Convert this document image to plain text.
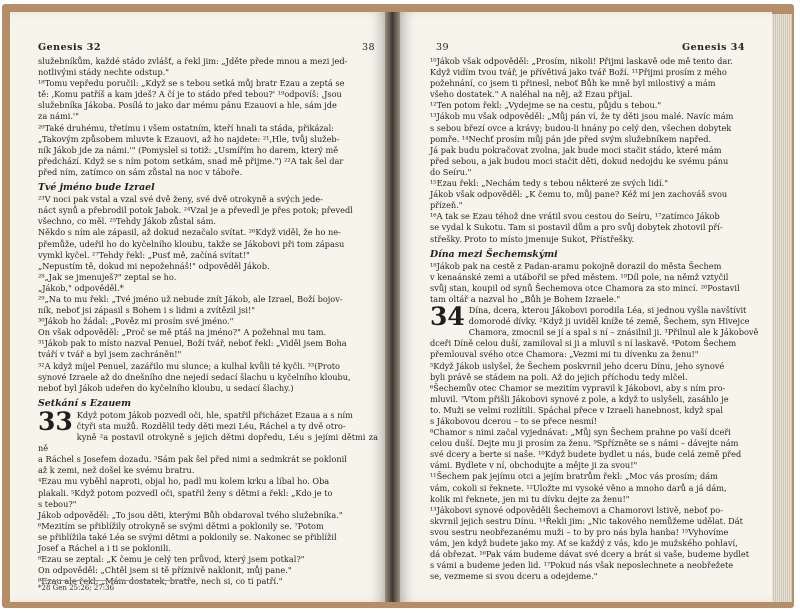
Genesis 32	38

služebníkům, každé stádo zvlášť, a řekl jim: „Jděte přede mnou a mezi jed-

notlivými stády nechte odstup."

¹⁸Tomu vepředu poručil: „Když se s tebou setká můj bratr Ezau a zeptá se

tě: ‚Komu patříš a kam jdeš? A čí je to stádo před tebou?' ¹⁹odpovíš: ‚Jsou

služebníka Jákoba. Posílá to jako dar mému pánu Ezauovi a hle, sám jde

za námi.'"

²⁰Také druhému, třetímu i všem ostatním, kteří hnali ta stáda, přikázal:

„Takovým způsobem mluvte k Ezauovi, až ho najdete: ²¹‚Hle, tvůj služeb-

ník Jákob jde za námi.'" (Pomyslel si totiž: „Usmířím ho darem, který mě

předchází. Když se s ním potom setkám, snad mě přijme.") ²²A tak šel dar

před ním, zatímco on sám zůstal na noc v táboře.

Tvé jméno bude Izrael

²³V noci pak vstal a vzal své dvě ženy, své dvě otrokyně a svých jede-

náct synů a přebrodil potok Jabok. ²⁴Vzal je a převedl je přes potok; převedl

všechno, co měl. ²⁵Tehdy Jákob zůstal sám.

Někdo s ním ale zápasil, až dokud nezačalo svítat. ²⁶Když viděl, že ho ne-

přemůže, udeřil ho do kyčelního kloubu, takže se Jákobovi při tom zápasu

vymkl kyčel. ²⁷Tehdy řekl: „Pusť mě, začíná svítat!"

„Nepustím tě, dokud mi nepožehnáš!" odpověděl Jákob.

²⁸„Jak se jmenuješ?" zeptal se ho.

„Jákob," odpověděl.*

²⁹„Na to mu řekl: „Tvé jméno už nebude znít Jákob, ale Izrael, Boží bojov-

ník, neboť jsi zápasil s Bohem i s lidmi a zvítězil jsi!"

³⁰Jákob ho žádal: „Pověz mi prosím své jméno."

On však odpověděl: „Proč se mě ptáš na jméno?" A požehnal mu tam.

³¹Jákob pak to místo nazval Penuel, Boží tvář, neboť řekl: „Viděl jsem Boha

tváří v tvář a byl jsem zachráněn!"

³²A když míjel Penuel, zazářilo mu slunce; a kulhal kvůli té kyčli. ³³(Proto

synové Izraele až do dnešního dne nejedí sedací šlachu u kyčelního kloubu,

neboť byl Jákob udeřen do kyčelního kloubu, u sedací šlachy.)

Setkání s Ezauem

33 Když potom Jákob pozvedl oči, hle, spatřil přicházet Ezaua a s ním

čtyři sta mužů. Rozdělil tedy děti mezi Léu, Ráchel a ty dvě otro-

kyně ²a postavil otrokyně s jejich dětmi dopředu, Léu s jejími dětmi za ně

a Ráchel s Josefem dozadu. ³Sám pak šel před nimi a sedmkrát se poklonil

až k zemi, než došel ke svému bratru.

⁴Ezau mu vyběhl naproti, objal ho, padl mu kolem krku a líbal ho. Oba

plakali. ⁵Když potom pozvedl oči, spatřil ženy s dětmi a řekl: „Kdo je to

s tebou?"

Jákob odpověděl: „To jsou děti, kterými Bůh obdaroval tvého služebníka."

⁶Mezitím se přiblížily otrokyně se svými dětmi a poklonily se. ⁷Potom

se přiblížila také Léa se svými dětmi a poklonily se. Nakonec se přiblížil

Josef a Ráchel a i ti se poklonili.

⁸Ezau se zeptal: „K čemu je celý ten průvod, který jsem potkal?"

On odpověděl: „Chtěl jsem si tě příznivě naklonit, můj pane."

⁹Ezau ale řekl: „Mám dostatek, bratře, nech si, co ti patří."

*28 Gen 25:26; 27:36
39	Genesis 34

¹⁰Jákob však odpověděl: „Prosím, nikoli! Přijmi laskavě ode mě tento dar.

Když vidím tvou tvář, je přívětivá jako tvář Boží. ¹¹Přijmi prosím z mého

požehnání, co jsem ti přinesl, neboť Bůh ke mně byl milostivý a mám

všeho dostatek." A naléhal na něj, až Ezau přijal.

¹²Ten potom řekl: „Vydejme se na cestu, půjdu s tebou."

¹³Jákob mu však odpověděl: „Můj pán ví, že ty děti jsou malé. Navíc mám

s sebou březí ovce a krávy; budou-li hnány po celý den, všechen dobytek

pomře. ¹⁴Nechť prosím můj pán jde před svým služebníkem napřed.

Já pak budu pokračovat zvolna, jak bude moci stačit stádo, které mám

před sebou, a jak budou moci stačit děti, dokud nedojdu ke svému pánu

do Seíru."

¹⁵Ezau řekl: „Nechám tedy s tebou některé ze svých lidí."

Jákob však odpověděl: „K čemu to, můj pane? Kéž mi jen zachováš svou

přízeň."

¹⁶A tak se Ezau téhož dne vrátil svou cestou do Seíru, ¹⁷zatímco Jákob

se vydal k Sukotu. Tam si postavil dům a pro svůj dobytek zhotovil pří-

střešky. Proto to místo jmenuje Sukot, Přístřešky.

Dína mezi Šechemskými

¹⁸Jákob pak na cestě z Padan-aramu pokojně dorazil do města Šechem

v kenaánské zemi a utábořil se před městem. ¹⁹Díl pole, na němž vztyčil

svůj stan, koupil od synů Šechemova otce Chamora za sto mincí. ²⁰Postavil

tam oltář a nazval ho „Bůh je Bohem Izraele."

34 Dína, dcera, kterou Jákobovi porodila Léa, si jednou vyšla navštívit

domorodé dívky. ²Když ji uviděl kníže té země, Šechem, syn Hivejce

Chamora, zmocnil se jí a spal s ní – znásilnil ji. ³Přilnul ale k Jákobově

dceři Díně celou duší, zamiloval si ji a mluvil s ní laskavě. ⁴Potom Šechem

přemlouval svého otce Chamora: „Vezmi mi tu dívenku za ženu!"

⁵Když Jákob uslyšel, že Šechem poskvrnil jeho dceru Dínu, jeho synové

byli právě se stádem na poli. Až do jejich příchodu tedy mlčel.

⁶Šechemův otec Chamor se mezitím vypravil k Jákobovi, aby s ním pro-

mluvil. ⁷Vtom přišli Jákobovi synové z pole, a když to uslyšeli, zasáhlo je

to. Muži se velmi rozlítili. Spáchal přece v Izraeli hanebnost, když spal

s Jákobovou dcerou – to se přece nesmí!

⁸Chamor s nimi začal vyjednávat: „Můj syn Šechem prahne po vaší dceři

celou duší. Dejte mu ji prosím za ženu. ⁹Spřízněte se s námi – dávejte nám

své dcery a berte si naše. ¹⁰Když budete bydlet u nás, bude celá země před

vámi. Bydlete v ní, obchodujte a mějte ji za svou!"

¹¹Šechem pak jejímu otci a jejím bratrům řekl: „Moc vás prosím; dám

vám, cokoli si řeknete. ¹²Uložte mi vysoké věno a mnoho darů a já dám,

kolik mi řeknete, jen mi tu dívku dejte za ženu!"

¹³Jákobovi synové odpověděli Šechemovi a Chamorovi lstivě, neboť po-

skvrnil jejich sestru Dínu. ¹⁴Řekli jim: „Nic takového nemůžeme udělat. Dát

svou sestru neobřezanému muži – to by pro nás byla hanba! ¹⁵Vyhovíme

vám, jen když budete jako my. Ať se každý z vás, kdo je mužského pohlaví,

dá obřezat. ¹⁶Pak vám budeme dávat své dcery a brát si vaše, budeme bydlet

s vámi a budeme jeden lid. ¹⁷Pokud nás však neposlechnete a neobřežete

se, vezmeme si svou dceru a odejdeme."
